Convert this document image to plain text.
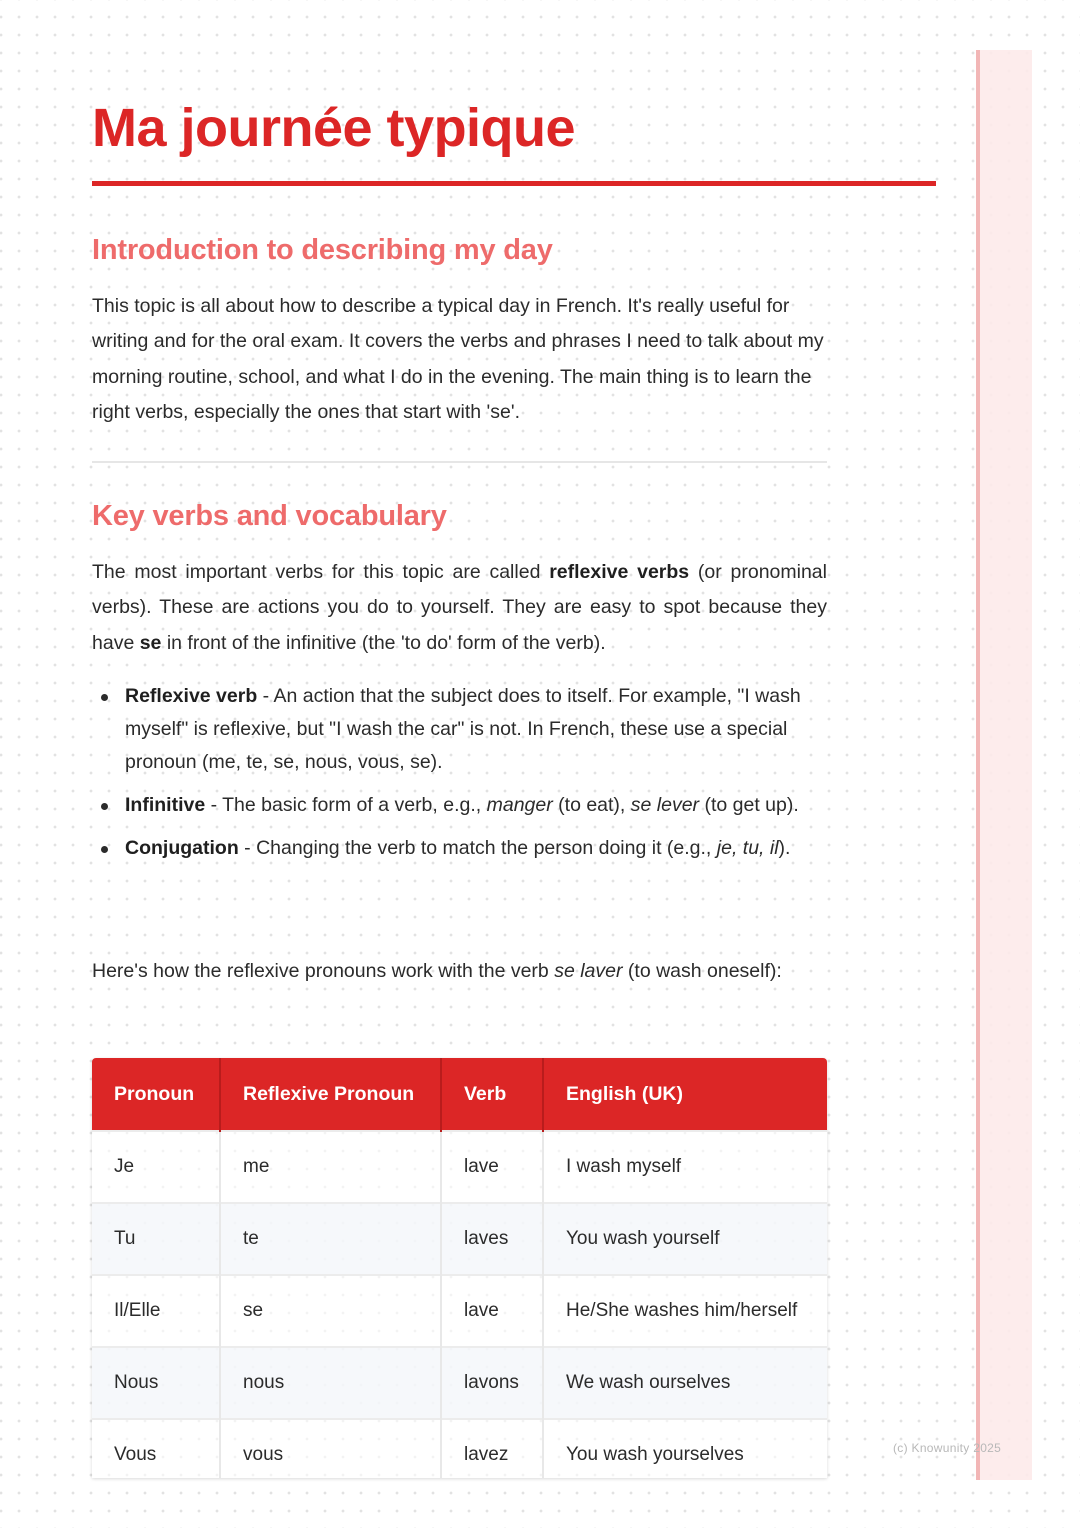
Ma journée typique
Introduction to describing my day

This topic is all about how to describe a typical day in French. It's really useful for writing and for the oral exam. It covers the verbs and phrases I need to talk about my morning routine, school, and what I do in the evening. The main thing is to learn the right verbs, especially the ones that start with 'se'.

Key verbs and vocabulary

The most important verbs for this topic are called reflexive verbs (or pronominal verbs). These are actions you do to yourself. They are easy to spot because they have se in front of the infinitive (the 'to do' form of the verb).

Reflexive verb - An action that the subject does to itself. For example, "I wash myself" is reflexive, but "I wash the car" is not. In French, these use a special pronoun (me, te, se, nous, vous, se).
Infinitive - The basic form of a verb, e.g., manger (to eat), se lever (to get up).
Conjugation - Changing the verb to match the person doing it (e.g., je, tu, il).

Here's how the reflexive pronouns work with the verb se laver (to wash oneself):

Pronoun	Reflexive Pronoun	Verb	English (UK)
Je	me	lave	I wash myself
Tu	te	laves	You wash yourself
Il/Elle	se	lave	He/She washes him/herself
Nous	nous	lavons	We wash ourselves
Vous	vous	lavez	You wash yourselves	(c) Knowunity 2025
